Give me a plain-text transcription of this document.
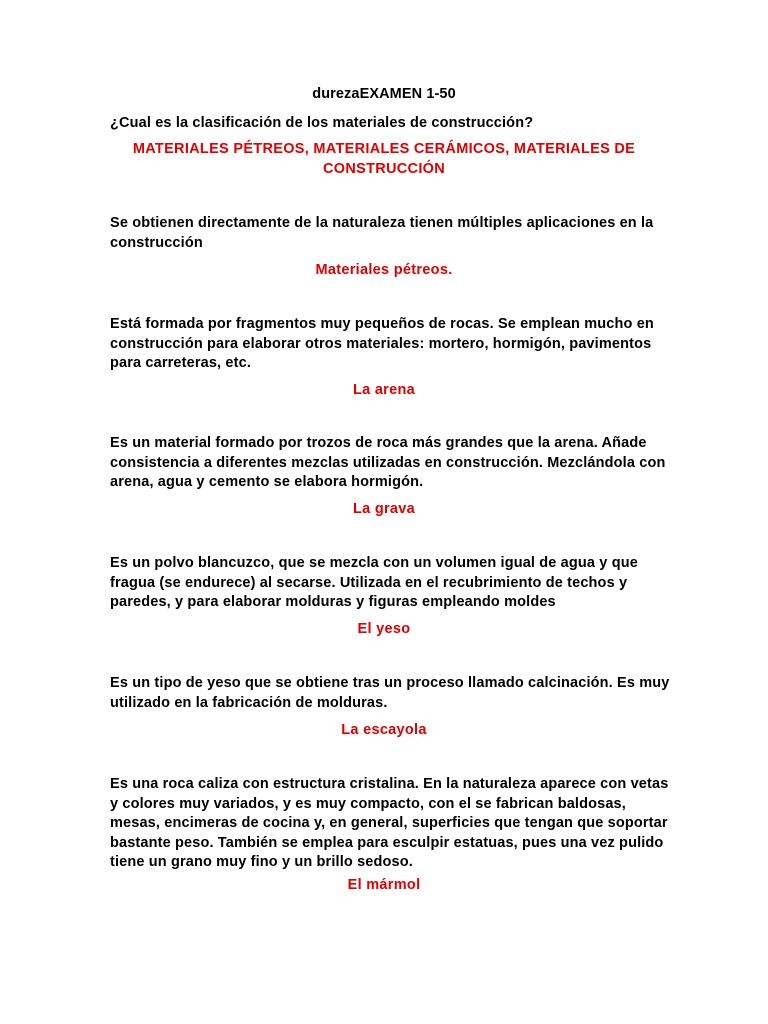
durezaEXAMEN 1-50

¿Cual es la clasificación de los materiales de construcción?

MATERIALES PÉTREOS, MATERIALES CERÁMICOS, MATERIALES DE CONSTRUCCIÓN

Se obtienen directamente de la naturaleza tienen múltiples aplicaciones en la construcción

Materiales pétreos.

Está formada por fragmentos muy pequeños de rocas. Se emplean mucho en construcción para elaborar otros materiales: mortero, hormigón, pavimentos para carreteras, etc.

La arena

Es un material formado por trozos de roca más grandes que la arena. Añade consistencia a diferentes mezclas utilizadas en construcción. Mezclándola con arena, agua y cemento se elabora hormigón.

La grava

Es un polvo blancuzco, que se mezcla con un volumen igual de agua y que fragua (se endurece) al secarse. Utilizada en el recubrimiento de techos y paredes, y para elaborar molduras y figuras empleando moldes

El yeso

Es un tipo de yeso que se obtiene tras un proceso llamado calcinación. Es muy utilizado en la fabricación de molduras.

La escayola

Es una roca caliza con estructura cristalina. En la naturaleza aparece con vetas y colores muy variados, y es muy compacto, con el se fabrican baldosas, mesas, encimeras de cocina y, en general, superficies que tengan que soportar bastante peso. También se emplea para esculpir estatuas, pues una vez pulido tiene un grano muy fino y un brillo sedoso.

El mármol
